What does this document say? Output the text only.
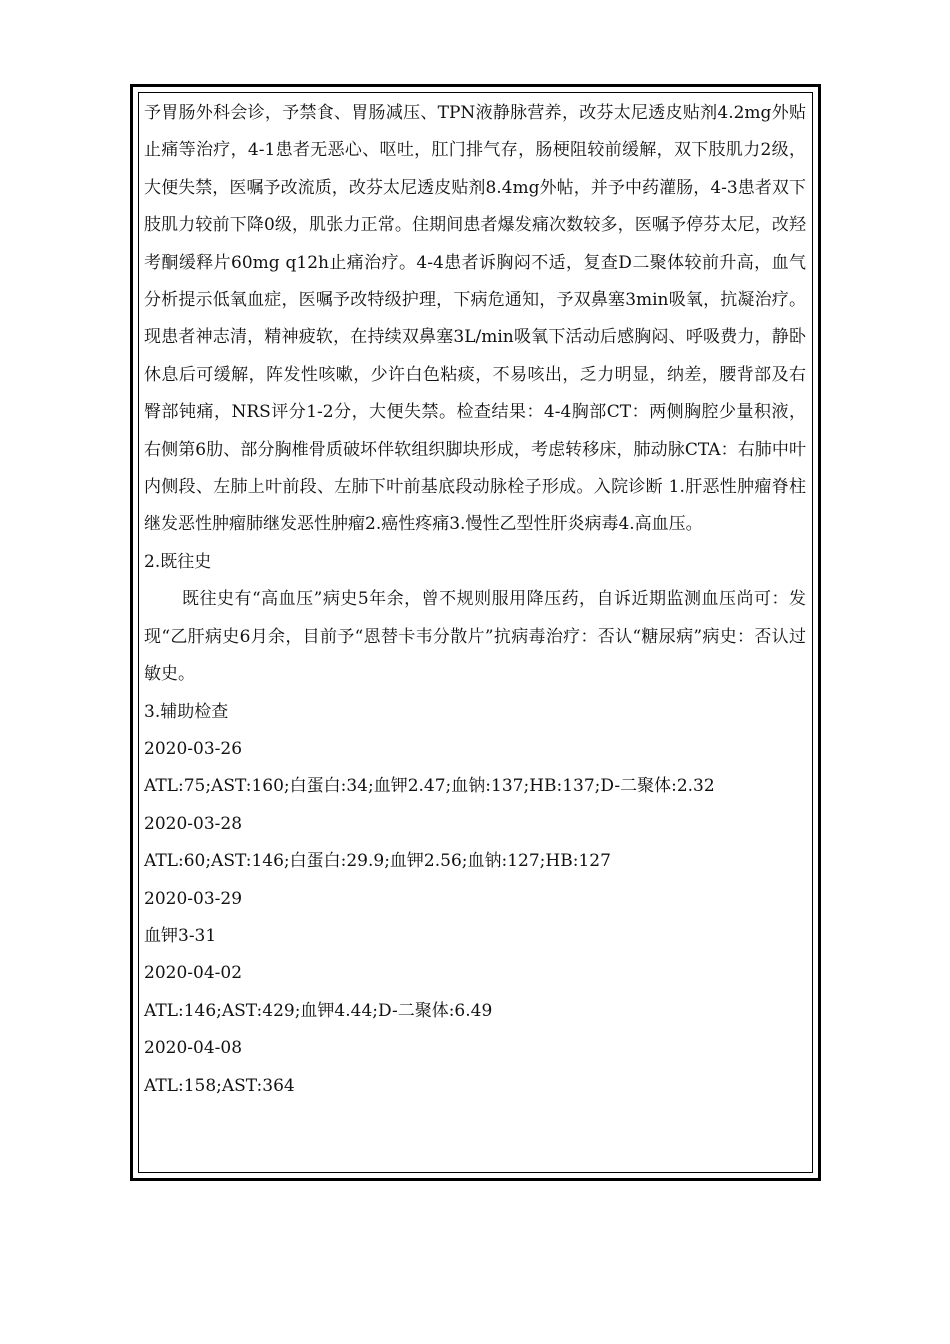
予胃肠外科会诊，予禁食、胃肠减压、TPN液静脉营养，改芬太尼透皮贴剂4.2mg外贴止痛等治疗，4-1患者无恶心、呕吐，肛门排气存，肠梗阻较前缓解，双下肢肌力2级，大便失禁，医嘱予改流质，改芬太尼透皮贴剂8.4mg外帖，并予中药灌肠，4-3患者双下肢肌力较前下降0级，肌张力正常。住期间患者爆发痛次数较多，医嘱予停芬太尼，改羟考酮缓释片60mg q12h止痛治疗。4-4患者诉胸闷不适，复查D二聚体较前升高，血气分析提示低氧血症，医嘱予改特级护理，下病危通知，予双鼻塞3min吸氧，抗凝治疗。现患者神志清，精神疲软，在持续双鼻塞3L/min吸氧下活动后感胸闷、呼吸费力，静卧休息后可缓解，阵发性咳嗽，少许白色粘痰，不易咳出，乏力明显，纳差，腰背部及右臀部钝痛，NRS评分1-2分，大便失禁。检查结果：4-4胸部CT：两侧胸腔少量积液，右侧第6肋、部分胸椎骨质破坏伴软组织脚块形成，考虑转移床，肺动脉CTA：右肺中叶内侧段、左肺上叶前段、左肺下叶前基底段动脉栓子形成。入院诊断 1.肝恶性肿瘤脊柱继发恶性肿瘤肺继发恶性肿瘤2.癌性疼痛3.慢性乙型性肝炎病毒4.高血压。

2.既往史

既往史有“高血压”病史5年余，曾不规则服用降压药，自诉近期监测血压尚可：发现“乙肝病史6月余，目前予“恩替卡韦分散片”抗病毒治疗：否认“糖尿病”病史：否认过敏史。

3.辅助检查

2020-03-26

ATL:75;AST:160;白蛋白:34;血钾2.47;血钠:137;HB:137;D-二聚体:2.32

2020-03-28

ATL:60;AST:146;白蛋白:29.9;血钾2.56;血钠:127;HB:127

2020-03-29

血钾3-31

2020-04-02

ATL:146;AST:429;血钾4.44;D-二聚体:6.49

2020-04-08

ATL:158;AST:364
